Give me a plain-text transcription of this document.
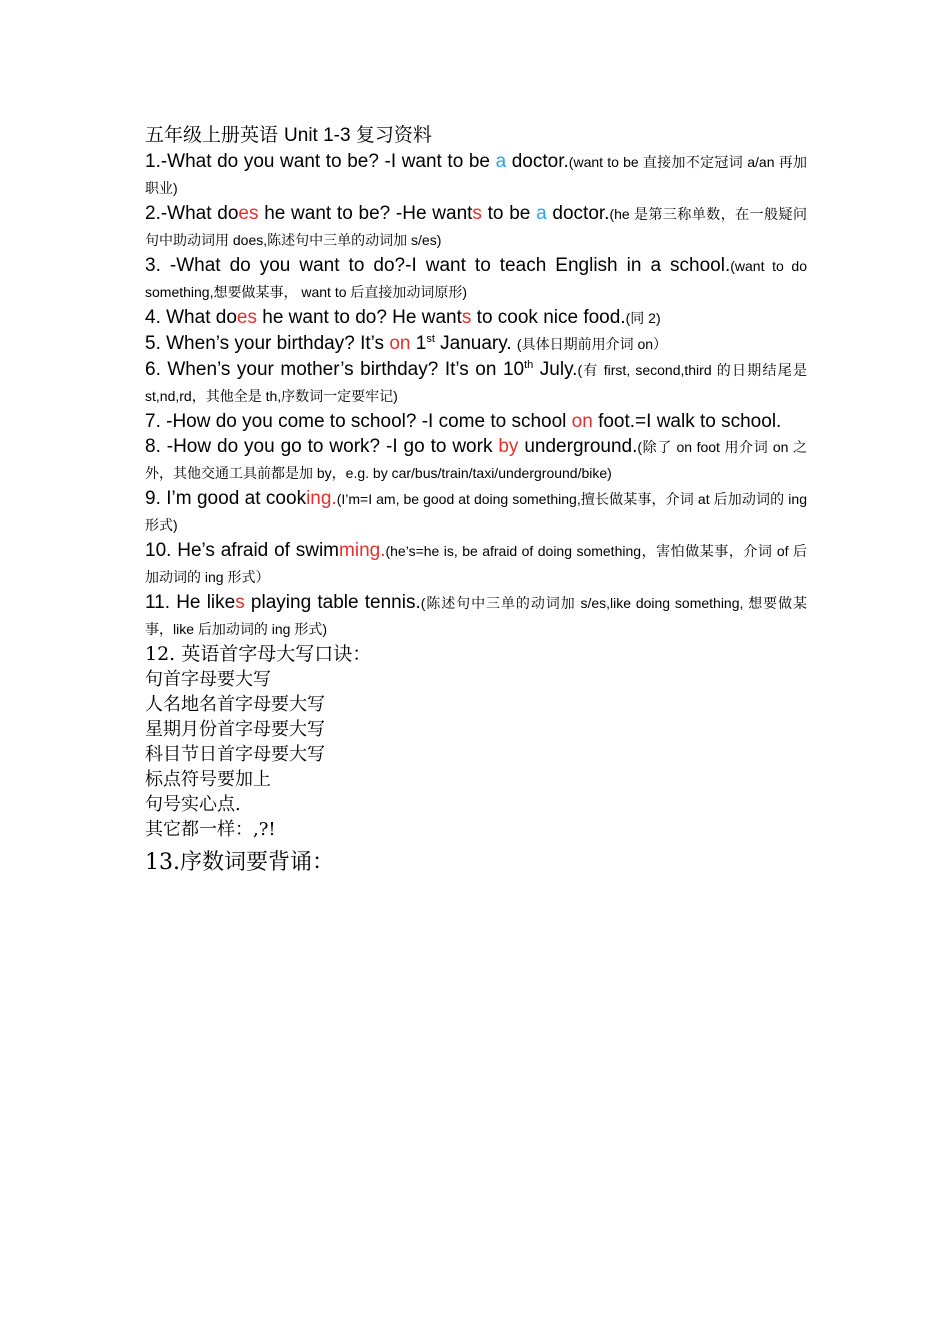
五年级上册英语 Unit 1-3 复习资料

1.-What do you want to be? -I want to be a doctor.(want to be 直接加不定冠词 a/an 再加职业)

2.-What does he want to be? -He wants to be a doctor.(he 是第三称单数，在一般疑问句中助动词用 does,陈述句中三单的动词加 s/es)

3. -What do you want to do?-I want to teach English in a school.(want to do something,想要做某事， want to 后直接加动词原形)

4. What does he want to do? He wants to cook nice food.(同 2)

5. When’s your birthday? It’s on 1st January. (具体日期前用介词 on）

6. When’s your mother’s birthday? It’s on 10th July.(有 first, second,third 的日期结尾是 st,nd,rd，其他全是 th,序数词一定要牢记)

7. -How do you come to school? -I come to school on foot.=I walk to school.

8. -How do you go to work? -I go to work by underground.(除了 on foot 用介词 on 之外，其他交通工具前都是加 by，e.g. by car/bus/train/taxi/underground/bike)

9. I’m good at cooking.(I’m=I am, be good at doing something,擅长做某事，介词 at 后加动词的 ing 形式)

10. He’s afraid of swimming.(he’s=he is, be afraid of doing something，害怕做某事，介词 of 后加动词的 ing 形式）

11. He likes playing table tennis.(陈述句中三单的动词加 s/es,like doing something, 想要做某事，like 后加动词的 ing 形式)

12. 英语首字母大写口诀：

句首字母要大写

人名地名首字母要大写

星期月份首字母要大写

科目节日首字母要大写

标点符号要加上

句号实心点.

其它都一样：,?!

13.序数词要背诵：
